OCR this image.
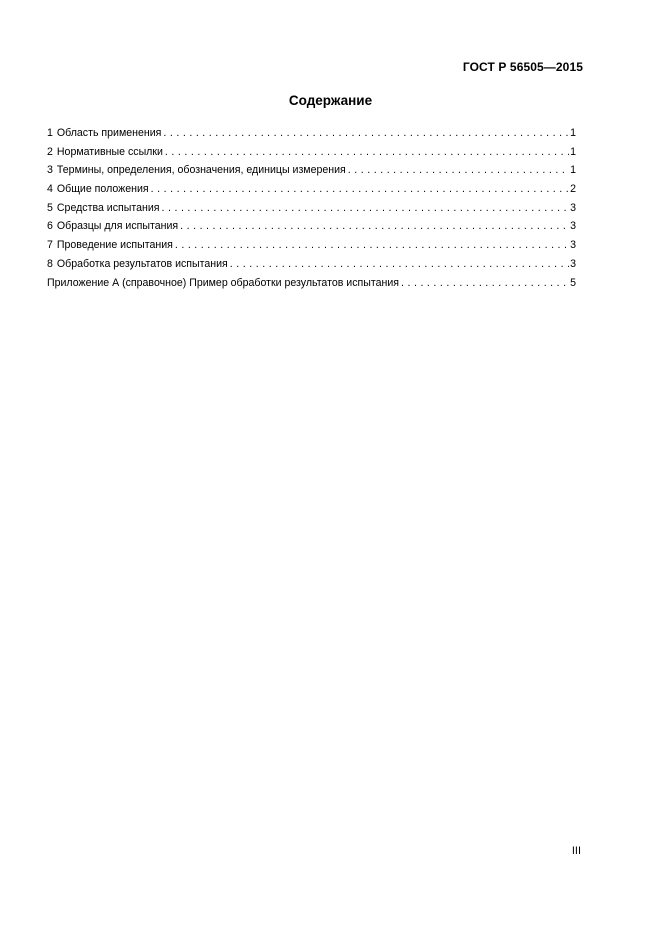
ГОСТ Р 56505—2015
Содержание
1 Область применения . . .	1
2 Нормативные ссылки . . .	1
3 Термины, определения, обозначения, единицы измерения . . .	1
4 Общие положения . . .	2
5 Средства испытания . . .	3
6 Образцы для испытания . . .	3
7 Проведение испытания . . .	3
8 Обработка результатов испытания . . .	3
Приложение А (справочное) Пример обработки результатов испытания . . .	5
III
